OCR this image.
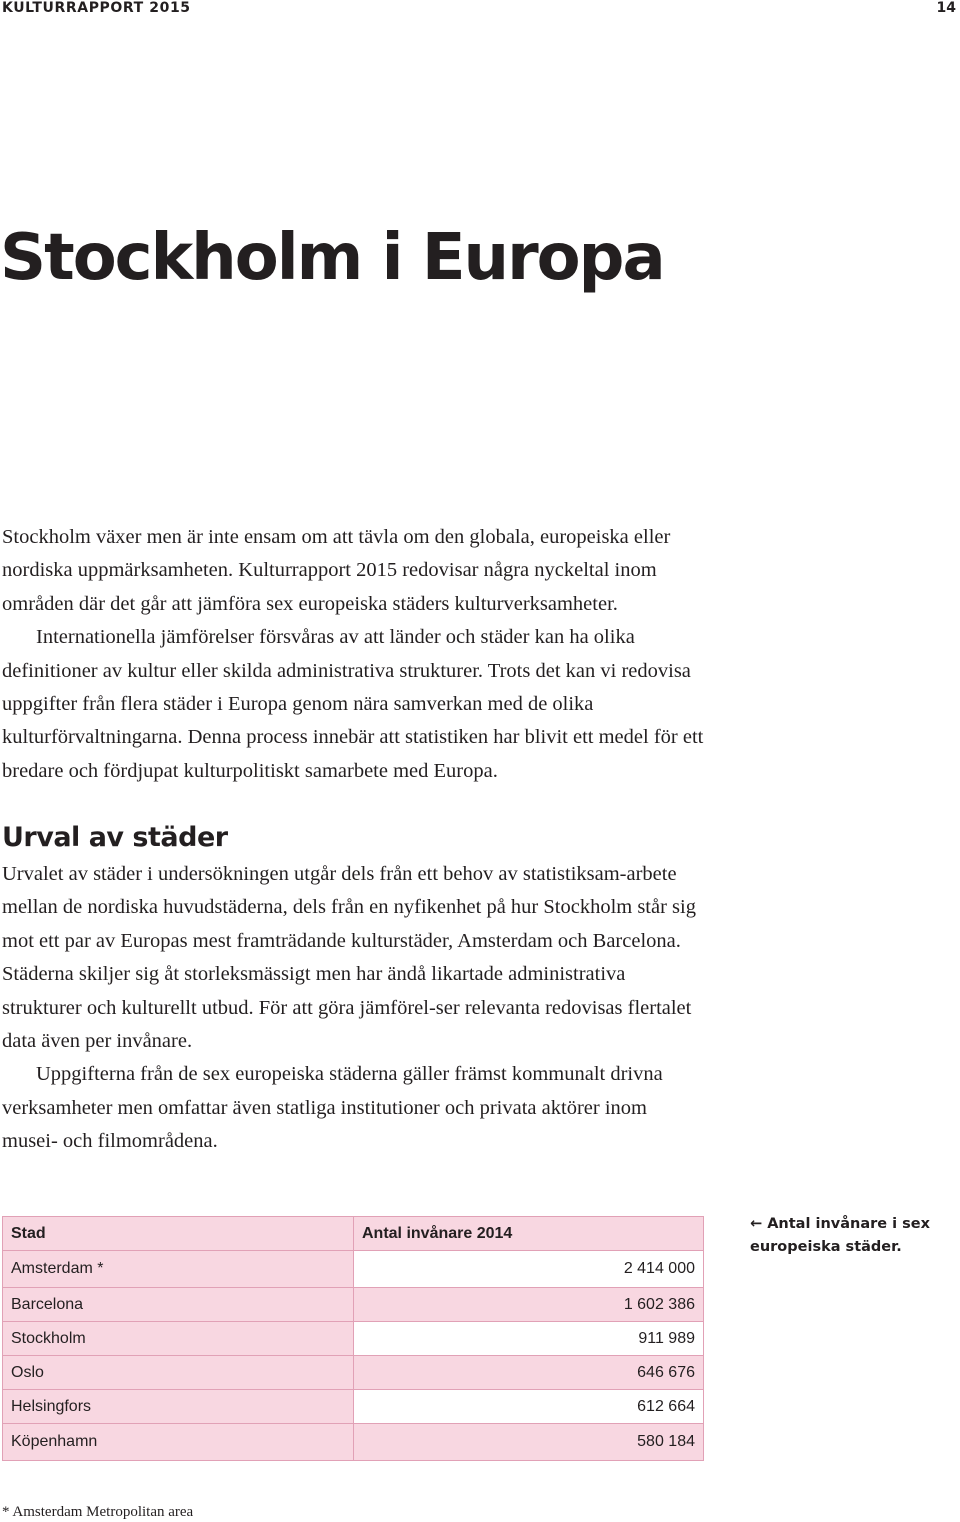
KULTURRAPPORT 2015	14
Stockholm i Europa

Stockholm växer men är inte ensam om att tävla om den globala, europeiska eller nordiska uppmärksamheten. Kulturrapport 2015 redovisar några nyckeltal inom områden där det går att jämföra sex europeiska städers kulturverksamheter.

Internationella jämförelser försvåras av att länder och städer kan ha olika definitioner av kultur eller skilda administrativa strukturer. Trots det kan vi redovisa uppgifter från flera städer i Europa genom nära samverkan med de olika kulturförvaltningarna. Denna process innebär att statistiken har blivit ett medel för ett bredare och fördjupat kulturpolitiskt samarbete med Europa.

Urval av städer

Urvalet av städer i undersökningen utgår dels från ett behov av statistiksam-arbete mellan de nordiska huvudstäderna, dels från en nyfikenhet på hur Stockholm står sig mot ett par av Europas mest framträdande kulturstäder, Amsterdam och Barcelona. Städerna skiljer sig åt storleksmässigt men har ändå likartade administrativa strukturer och kulturellt utbud. För att göra jämförel-ser relevanta redovisas flertalet data även per invånare.

Uppgifterna från de sex europeiska städerna gäller främst kommunalt drivna verksamheter men omfattar även statliga institutioner och privata aktörer inom musei- och filmområdena.

Stad	Antal invånare 2014
Amsterdam *	2 414 000
Barcelona	1 602 386
Stockholm	911 989
Oslo	646 676
Helsingfors	612 664
Köpenhamn	580 184
← Antal invånare i sex europeiska städer.
* Amsterdam Metropolitan area
